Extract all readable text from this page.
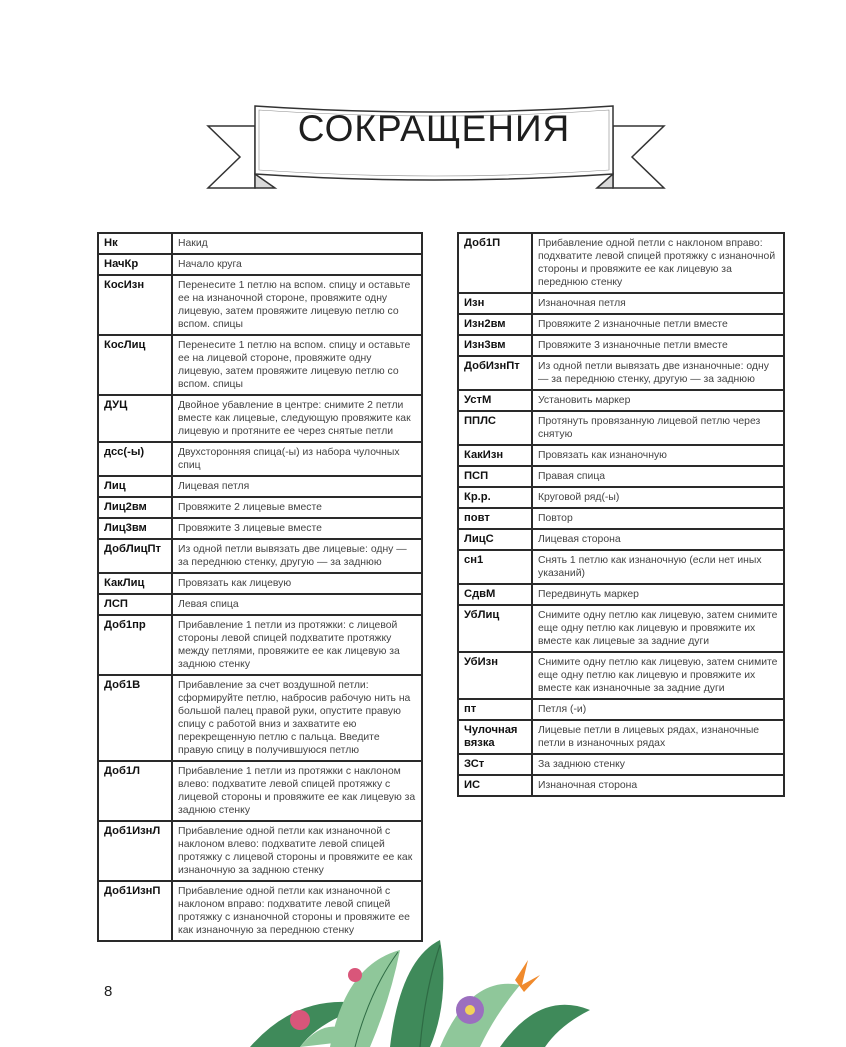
СОКРАЩЕНИЯ
Нк	Накид
НачКр	Начало круга
КосИзн	Перенесите 1 петлю на вспом. спицу и оставьте ее на изнаночной стороне, провяжите одну лицевую, затем провяжите лицевую петлю со вспом. спицы
КосЛиц	Перенесите 1 петлю на вспом. спицу и оставьте ее на лицевой стороне, провяжите одну лицевую, затем провяжите лицевую петлю со вспом. спицы
ДУЦ	Двойное убавление в центре: снимите 2 петли вместе как лицевые, следующую провяжите как лицевую и протяните ее через снятые петли
дсс(-ы)	Двухсторонняя спица(-ы) из набора чулочных спиц
Лиц	Лицевая петля
Лиц2вм	Провяжите 2 лицевые вместе
Лиц3вм	Провяжите 3 лицевые вместе
ДобЛицПт	Из одной петли вывязать две лицевые: одну — за переднюю стенку, другую — за заднюю
КакЛиц	Провязать как лицевую
ЛСП	Левая спица
Доб1пр	Прибавление 1 петли из протяжки: с лицевой стороны левой спицей подхватите протяжку между петлями, провяжите ее как лицевую за заднюю стенку
Доб1В	Прибавление за счет воздушной петли: сформируйте петлю, набросив рабочую нить на большой палец правой руки, опустите правую спицу с работой вниз и захватите ею перекрещенную петлю с пальца. Введите правую спицу в получившуюся петлю
Доб1Л	Прибавление 1 петли из протяжки с наклоном влево: подхватите левой спицей протяжку с лицевой стороны и провяжите ее как лицевую за заднюю стенку
Доб1ИзнЛ	Прибавление одной петли как изнаночной с наклоном влево: подхватите левой спицей протяжку с лицевой стороны и провяжите ее как изнаночную за заднюю стенку
Доб1ИзнП	Прибавление одной петли как изнаночной с наклоном вправо: подхватите левой спицей протяжку с изнаночной стороны и провяжите ее как изнаночную за переднюю стенку
Доб1П	Прибавление одной петли с наклоном вправо: подхватите левой спицей протяжку с изнаночной стороны и провяжите ее как лицевую за переднюю стенку
Изн	Изнаночная петля
Изн2вм	Провяжите 2 изнаночные петли вместе
Изн3вм	Провяжите 3 изнаночные петли вместе
ДобИзнПт	Из одной петли вывязать две изнаночные: одну — за переднюю стенку, другую — за заднюю
УстМ	Установить маркер
ППЛС	Протянуть провязанную лицевой петлю через снятую
КакИзн	Провязать как изнаночную
ПСП	Правая спица
Кр.р.	Круговой ряд(-ы)
повт	Повтор
ЛицС	Лицевая сторона
сн1	Снять 1 петлю как изнаночную (если нет иных указаний)
СдвМ	Передвинуть маркер
УбЛиц	Снимите одну петлю как лицевую, затем снимите еще одну петлю как лицевую и провяжите их вместе как лицевые за задние дуги
УбИзн	Снимите одну петлю как лицевую, затем снимите еще одну петлю как лицевую и провяжите их вместе как изнаночные за задние дуги
пт	Петля (-и)
Чулочная вязка	Лицевые петли в лицевых рядах, изнаночные петли в изнаночных рядах
ЗСт	За заднюю стенку
ИС	Изнаночная сторона
8
